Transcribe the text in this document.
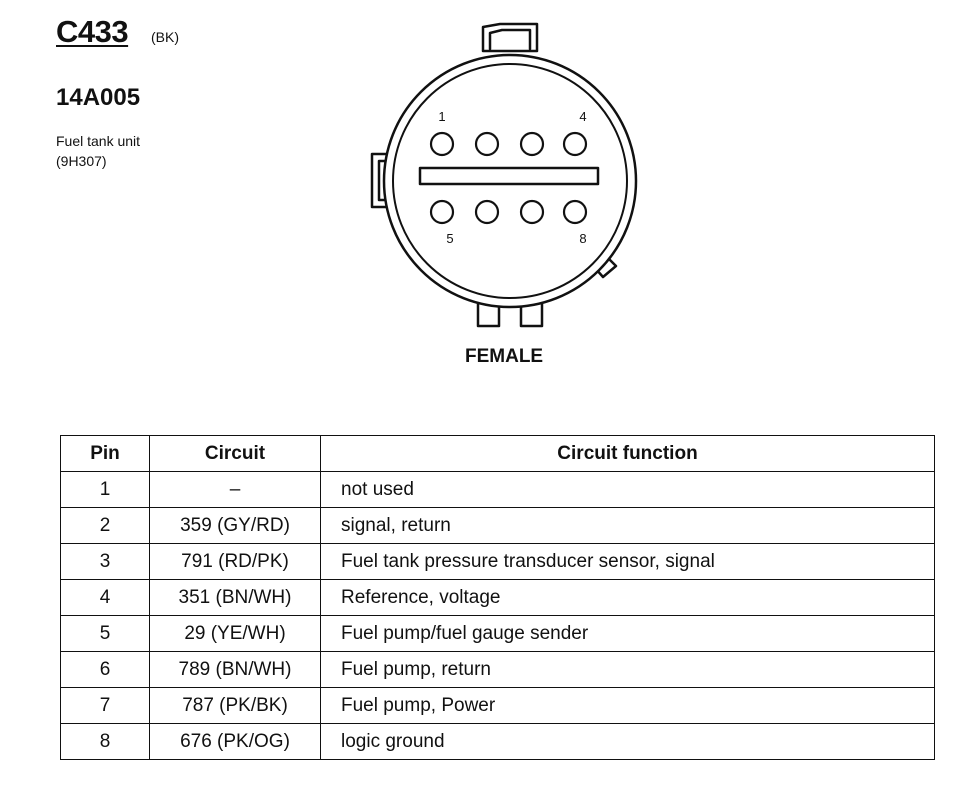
C433 (BK)
14A005
Fuel tank unit
(9H307)
1	4
5	8
FEMALE
Pin	Circuit	Circuit function
1	–	not used
2	359 (GY/RD)	signal, return
3	791 (RD/PK)	Fuel tank pressure transducer sensor, signal
4	351 (BN/WH)	Reference, voltage
5	29 (YE/WH)	Fuel pump/fuel gauge sender
6	789 (BN/WH)	Fuel pump, return
7	787 (PK/BK)	Fuel pump, Power
8	676 (PK/OG)	logic ground
